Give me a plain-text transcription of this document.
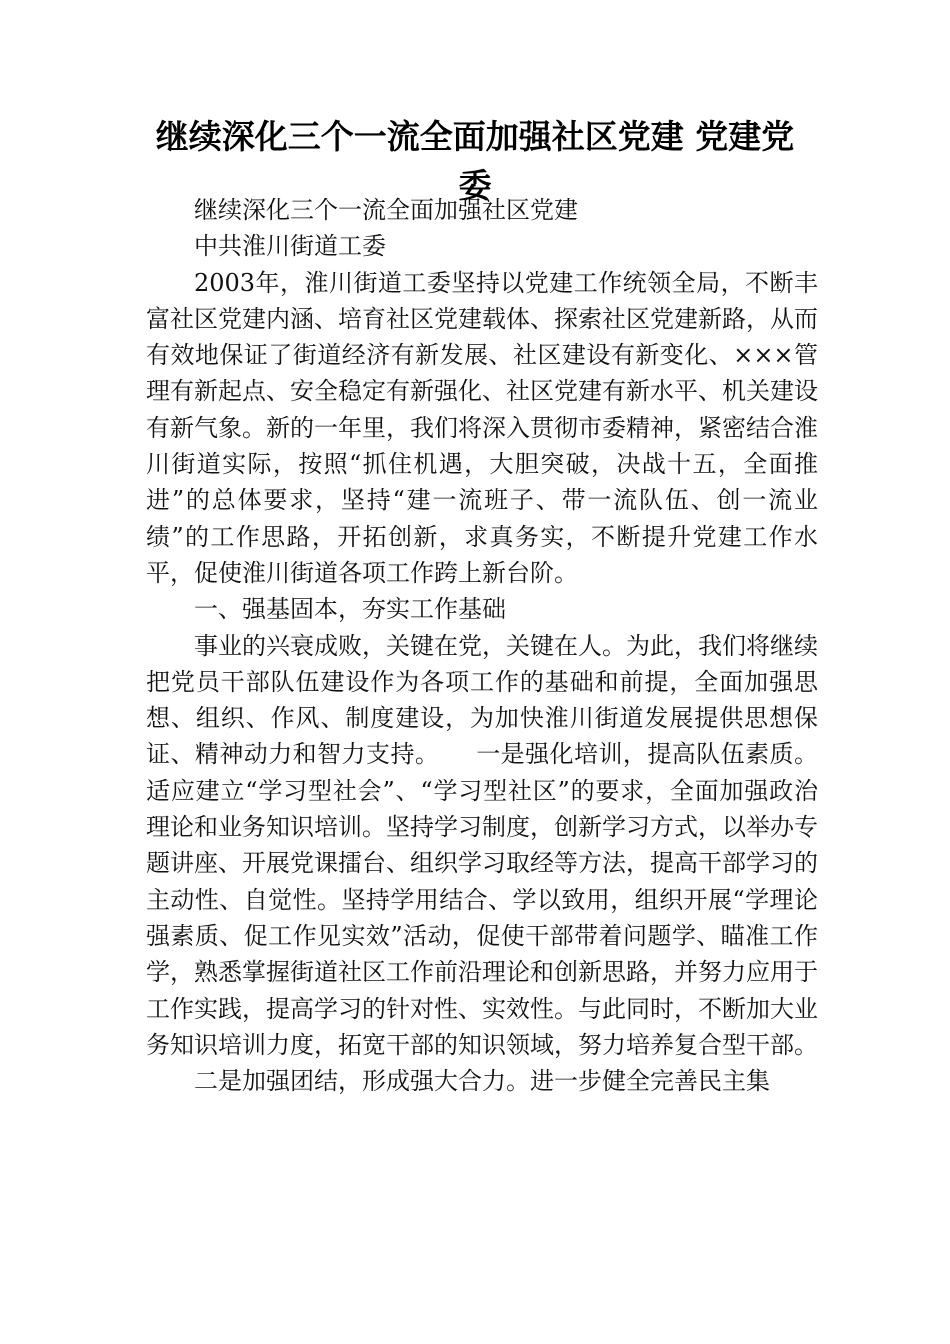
继续深化三个一流全面加强社区党建 党建党委

继续深化三个一流全面加强社区党建

中共淮川街道工委

2003年，淮川街道工委坚持以党建工作统领全局，不断丰富社区党建内涵、培育社区党建载体、探索社区党建新路，从而有效地保证了街道经济有新发展、社区建设有新变化、×××管理有新起点、安全稳定有新强化、社区党建有新水平、机关建设有新气象。新的一年里，我们将深入贯彻市委精神，紧密结合淮川街道实际，按照“抓住机遇，大胆突破，决战十五，全面推进”的总体要求，坚持“建一流班子、带一流队伍、创一流业绩”的工作思路，开拓创新，求真务实，不断提升党建工作水平，促使淮川街道各项工作跨上新台阶。

一、强基固本，夯实工作基础

事业的兴衰成败，关键在党，关键在人。为此，我们将继续把党员干部队伍建设作为各项工作的基础和前提，全面加强思想、组织、作风、制度建设，为加快淮川街道发展提供思想保证、精神动力和智力支持。　　一是强化培训，提高队伍素质。适应建立“学习型社会”、“学习型社区”的要求，全面加强政治理论和业务知识培训。坚持学习制度，创新学习方式，以举办专题讲座、开展党课擂台、组织学习取经等方法，提高干部学习的主动性、自觉性。坚持学用结合、学以致用，组织开展“学理论强素质、促工作见实效”活动，促使干部带着问题学、瞄准工作学，熟悉掌握街道社区工作前沿理论和创新思路，并努力应用于工作实践，提高学习的针对性、实效性。与此同时，不断加大业务知识培训力度，拓宽干部的知识领域，努力培养复合型干部。

二是加强团结，形成强大合力。进一步健全完善民主集
